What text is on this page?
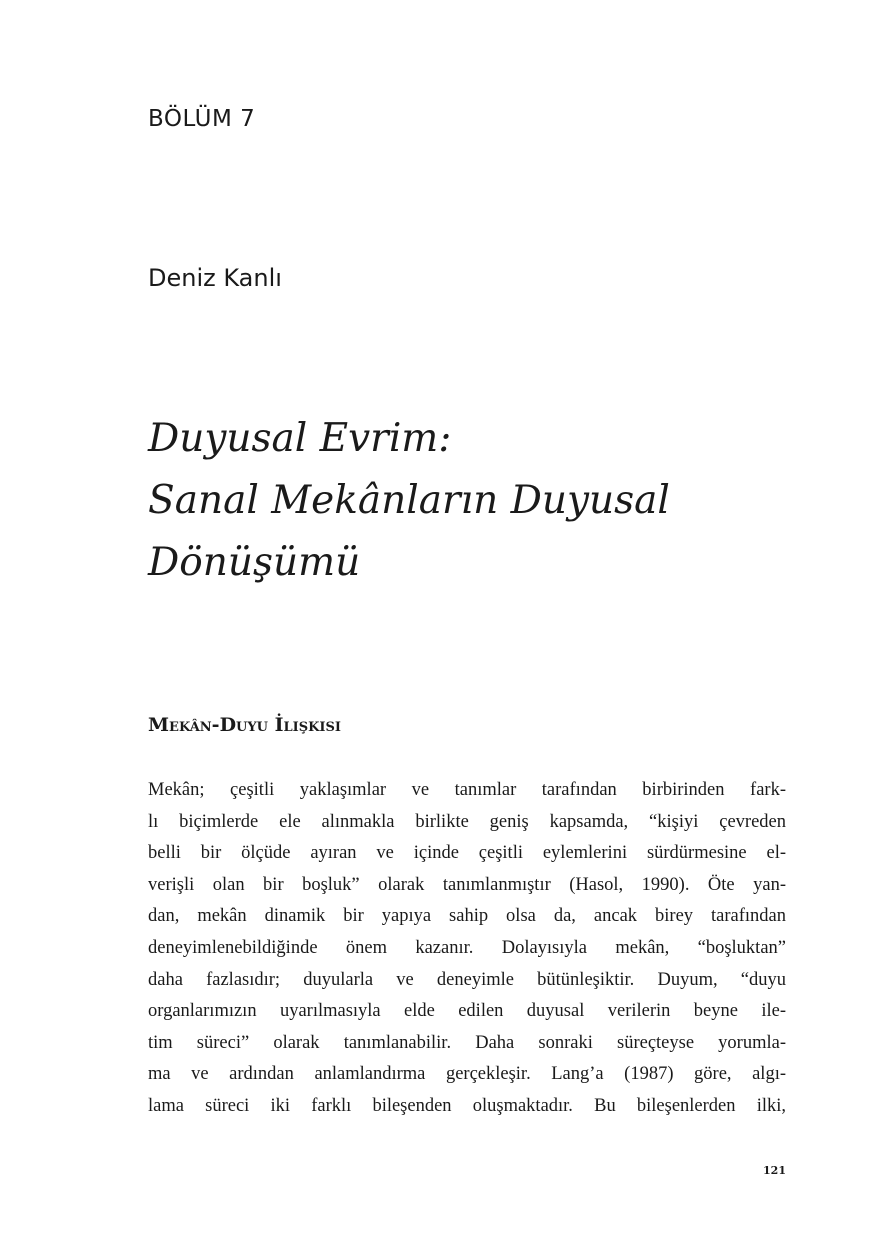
BÖLÜM 7

Deniz Kanlı

Duyusal Evrim:
Sanal Mekânların Duyusal
Dönüşümü
Mekân-Duyu İlişkisi
Mekân; çeşitli yaklaşımlar ve tanımlar tarafından birbirinden fark-
lı biçimlerde ele alınmakla birlikte geniş kapsamda, “kişiyi çevreden
belli bir ölçüde ayıran ve içinde çeşitli eylemlerini sürdürmesine el-
verişli olan bir boşluk” olarak tanımlanmıştır (Hasol, 1990). Öte yan-
dan, mekân dinamik bir yapıya sahip olsa da, ancak birey tarafından
deneyimlenebildiğinde önem kazanır. Dolayısıyla mekân, “boşluktan”
daha fazlasıdır; duyularla ve deneyimle bütünleşiktir. Duyum, “duyu
organlarımızın uyarılmasıyla elde edilen duyusal verilerin beyne ile-
tim süreci” olarak tanımlanabilir. Daha sonraki süreçteyse yorumla-
ma ve ardından anlamlandırma gerçekleşir. Lang’a (1987) göre, algı-
lama süreci iki farklı bileşenden oluşmaktadır. Bu bileşenlerden ilki,
121
